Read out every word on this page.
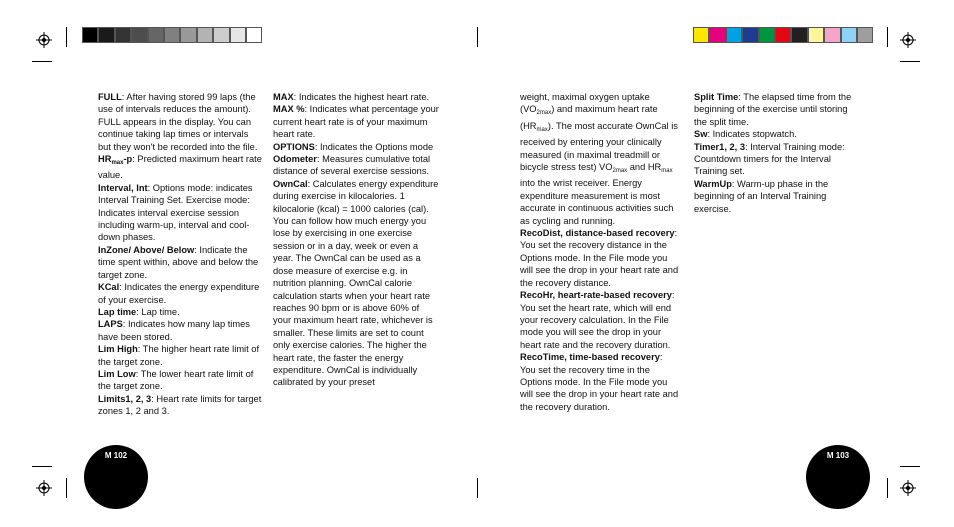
FULL: After having stored 99 laps (the use of intervals reduces the amount). FULL appears in the display. You can continue taking lap times or intervals but they won't be recorded into the file.

$HR_{max}-p$: Predicted maximum heart rate value.

Interval, Int: Options mode: indicates Interval Training Set. Exercise mode: Indicates interval exercise session including warm-up, interval and cool-down phases.

InZone/ Above/ Below: Indicate the time spent within, above and below the target zone.

KCal: Indicates the energy expenditure of your exercise.

Lap time: Lap time.

LAPS: Indicates how many lap times have been stored.

Lim High: The higher heart rate limit of the target zone.

Lim Low: The lower heart rate limit of the target zone.

Limits1, 2, 3: Heart rate limits for target zones 1, 2 and 3.

MAX: Indicates the highest heart rate.

MAX %: Indicates what percentage your current heart rate is of your maximum heart rate.

OPTIONS: Indicates the Options mode

Odometer: Measures cumulative total distance of several exercise sessions.

OwnCal: Calculates energy expenditure during exercise in kilocalories. 1 kilocalorie (kcal) = 1000 calories (cal). You can follow how much energy you lose by exercising in one exercise session or in a day, week or even a year. The OwnCal can be used as a dose measure of exercise e.g. in nutrition planning. OwnCal calorie calculation starts when your heart rate reaches 90 bpm or is above 60% of your maximum heart rate, whichever is smaller. These limits are set to count only exercise calories. The higher the heart rate, the faster the energy expenditure. OwnCal is individually calibrated by your preset

weight, maximal oxygen uptake $(VO_{2max})$ and maximum heart rate $(HR_{max})$. The most accurate OwnCal is received by entering your clinically measured (in maximal treadmill or bicycle stress test) $VO_{2max}$ and $HR_{max}$ into the wrist receiver. Energy expenditure measurement is most accurate in continuous activities such as cycling and running.

RecoDist, distance-based recovery: You set the recovery distance in the Options mode. In the File mode you will see the drop in your heart rate and the recovery distance.

RecoHr, heart-rate-based recovery: You set the heart rate, which will end your recovery calculation. In the File mode you will see the drop in your heart rate and the recovery duration.

RecoTime, time-based recovery: You set the recovery time in the Options mode. In the File mode you will see the drop in your heart rate and the recovery duration.

Split Time: The elapsed time from the beginning of the exercise until storing the split time.

Sw: Indicates stopwatch.

Timer1, 2, 3: Interval Training mode: Countdown timers for the Interval Training set.

WarmUp: Warm-up phase in the beginning of an Interval Training exercise.

M 102	M 103
